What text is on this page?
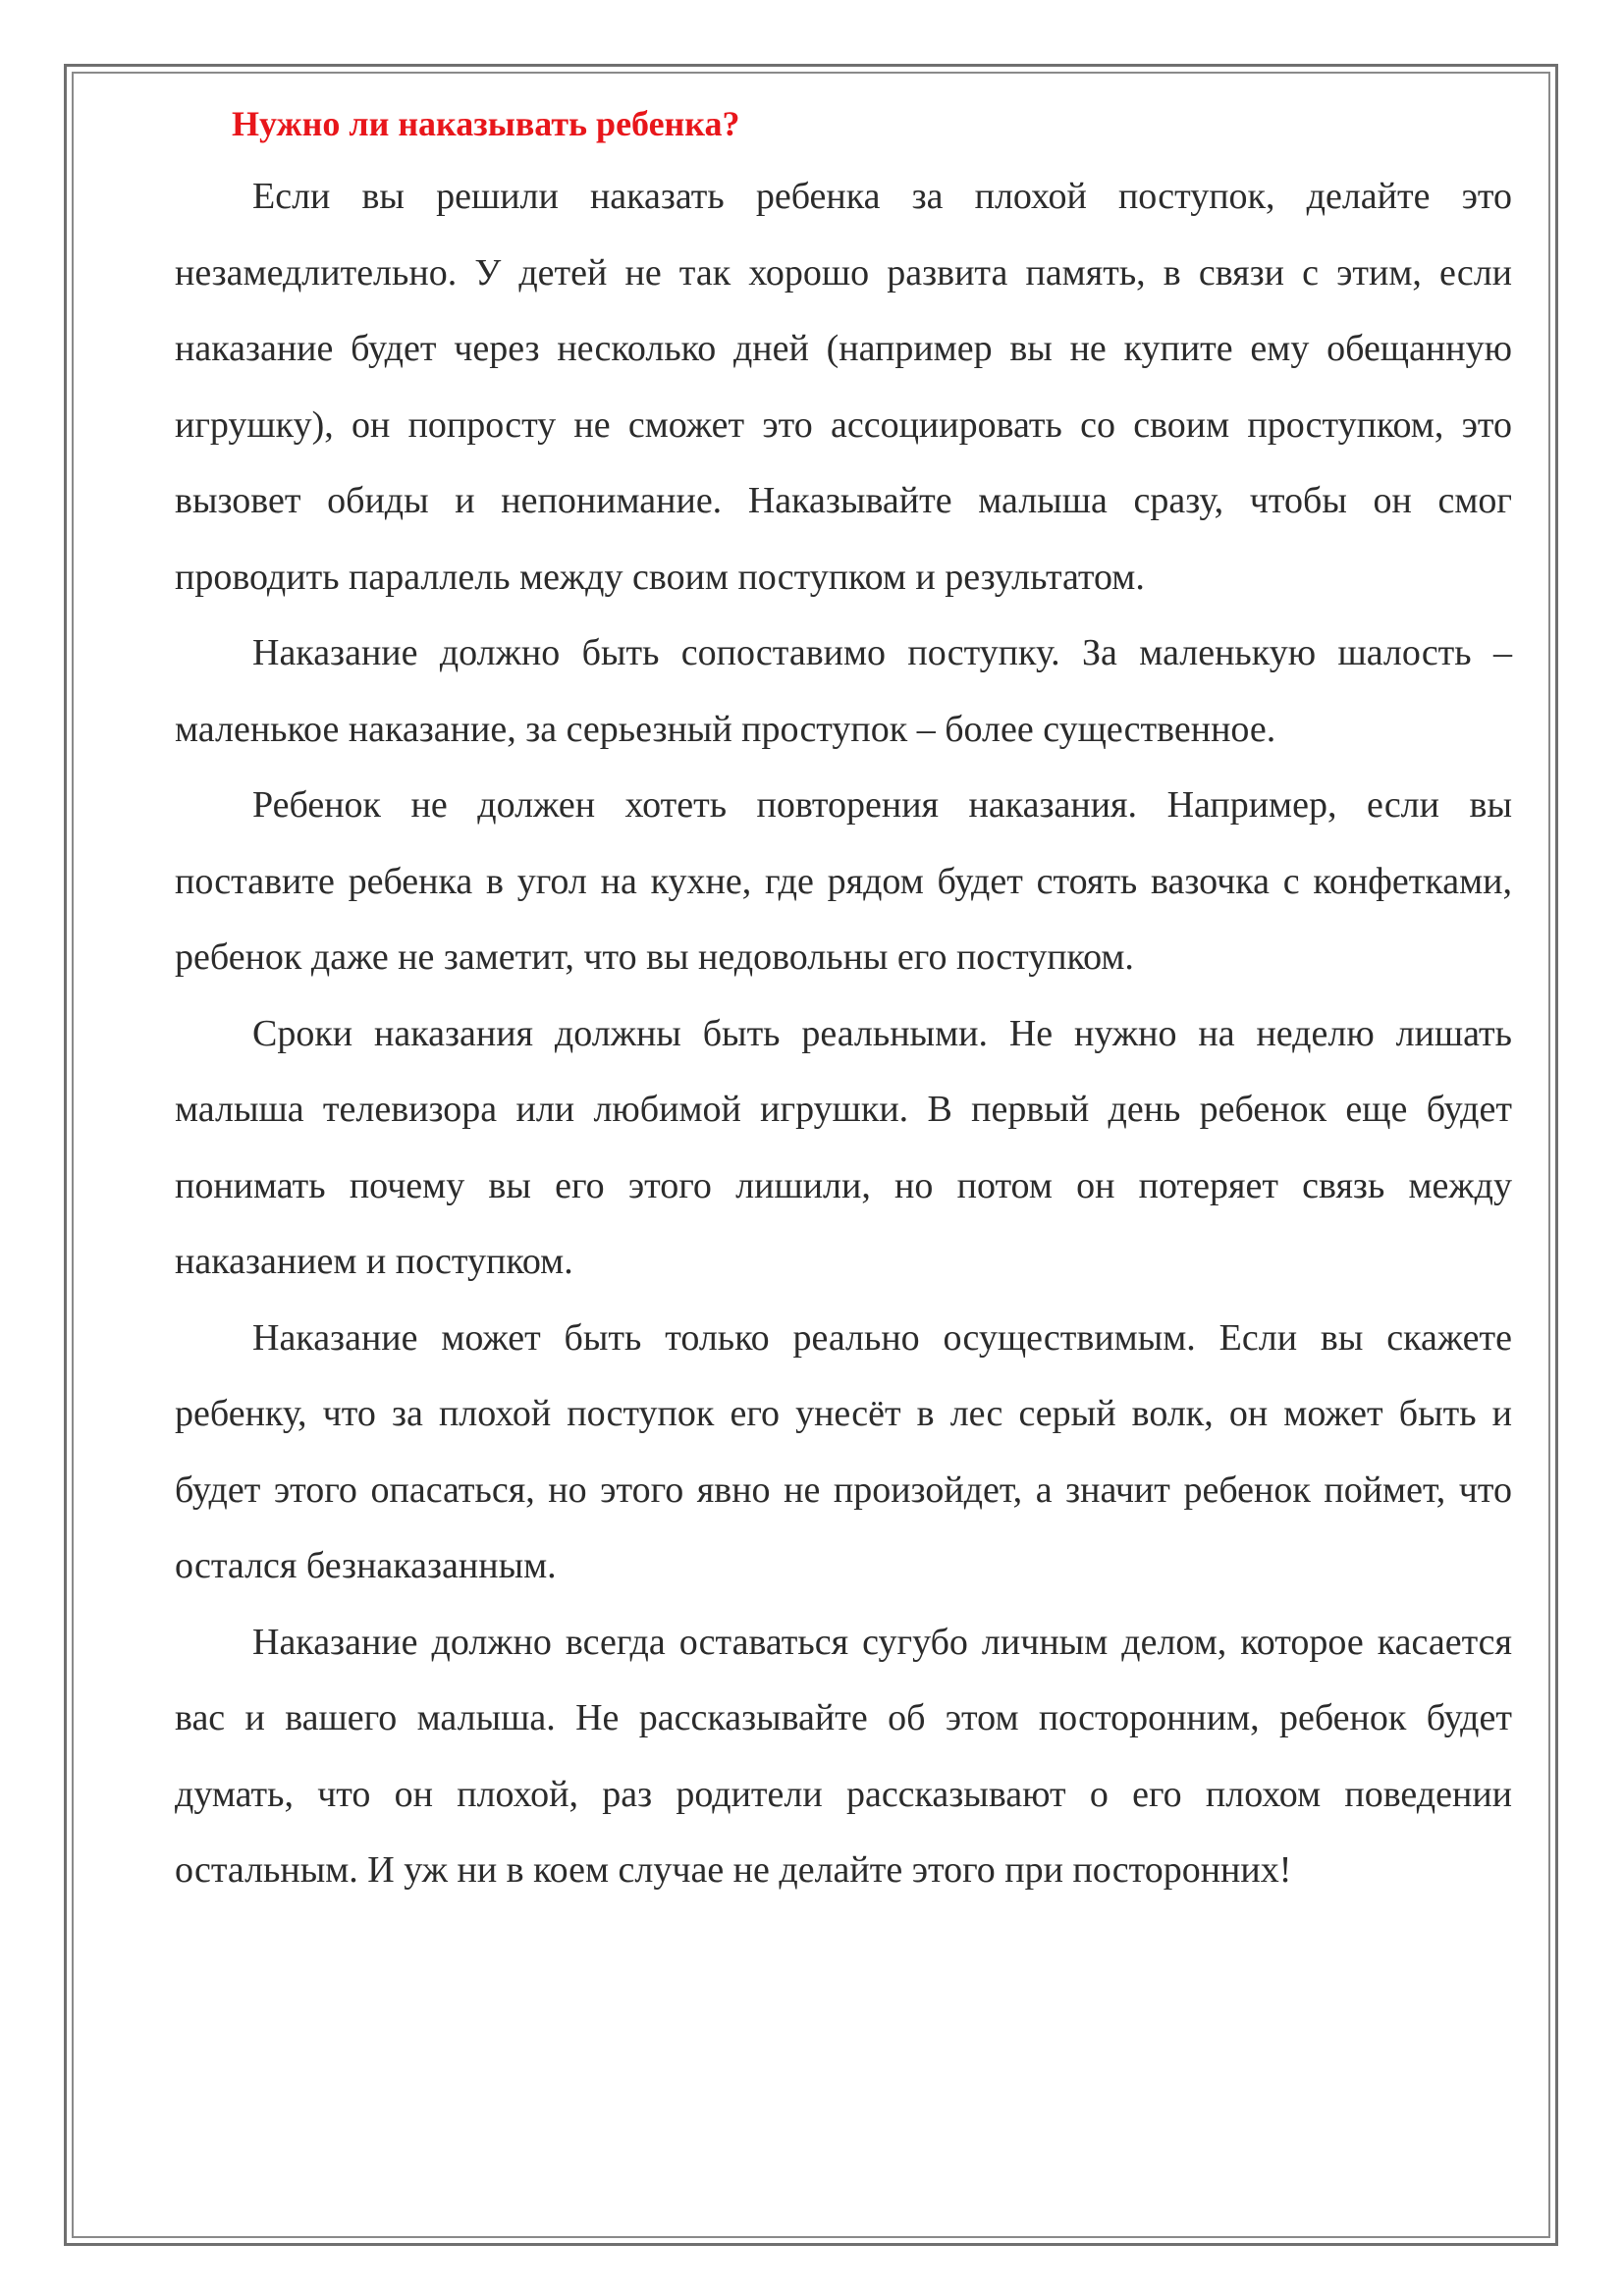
Нужно ли наказывать ребенка?

Если вы решили наказать ребенка за плохой поступок, делайте это незамедлительно. У детей не так хорошо развита память, в связи с этим, если наказание будет через несколько дней (например вы не купите ему обещанную игрушку), он попросту не сможет это ассоциировать со своим проступком, это вызовет обиды и непонимание. Наказывайте малыша сразу, чтобы он смог проводить параллель между своим поступком и результатом.

Наказание должно быть сопоставимо поступку. За маленькую шалость – маленькое наказание, за серьезный проступок – более существенное.

Ребенок не должен хотеть повторения наказания. Например, если вы поставите ребенка в угол на кухне, где рядом будет стоять вазочка с конфетками, ребенок даже не заметит, что вы недовольны его поступком.

Сроки наказания должны быть реальными. Не нужно на неделю лишать малыша телевизора или любимой игрушки. В первый день ребенок еще будет понимать почему вы его этого лишили, но потом он потеряет связь между наказанием и поступком.

Наказание может быть только реально осуществимым. Если вы скажете ребенку, что за плохой поступок его унесёт в лес серый волк, он может быть и будет этого опасаться, но этого явно не произойдет, а значит ребенок поймет, что остался безнаказанным.

Наказание должно всегда оставаться сугубо личным делом, которое касается вас и вашего малыша. Не рассказывайте об этом посторонним, ребенок будет думать, что он плохой, раз родители рассказывают о его плохом поведении остальным. И уж ни в коем случае не делайте этого при посторонних!
